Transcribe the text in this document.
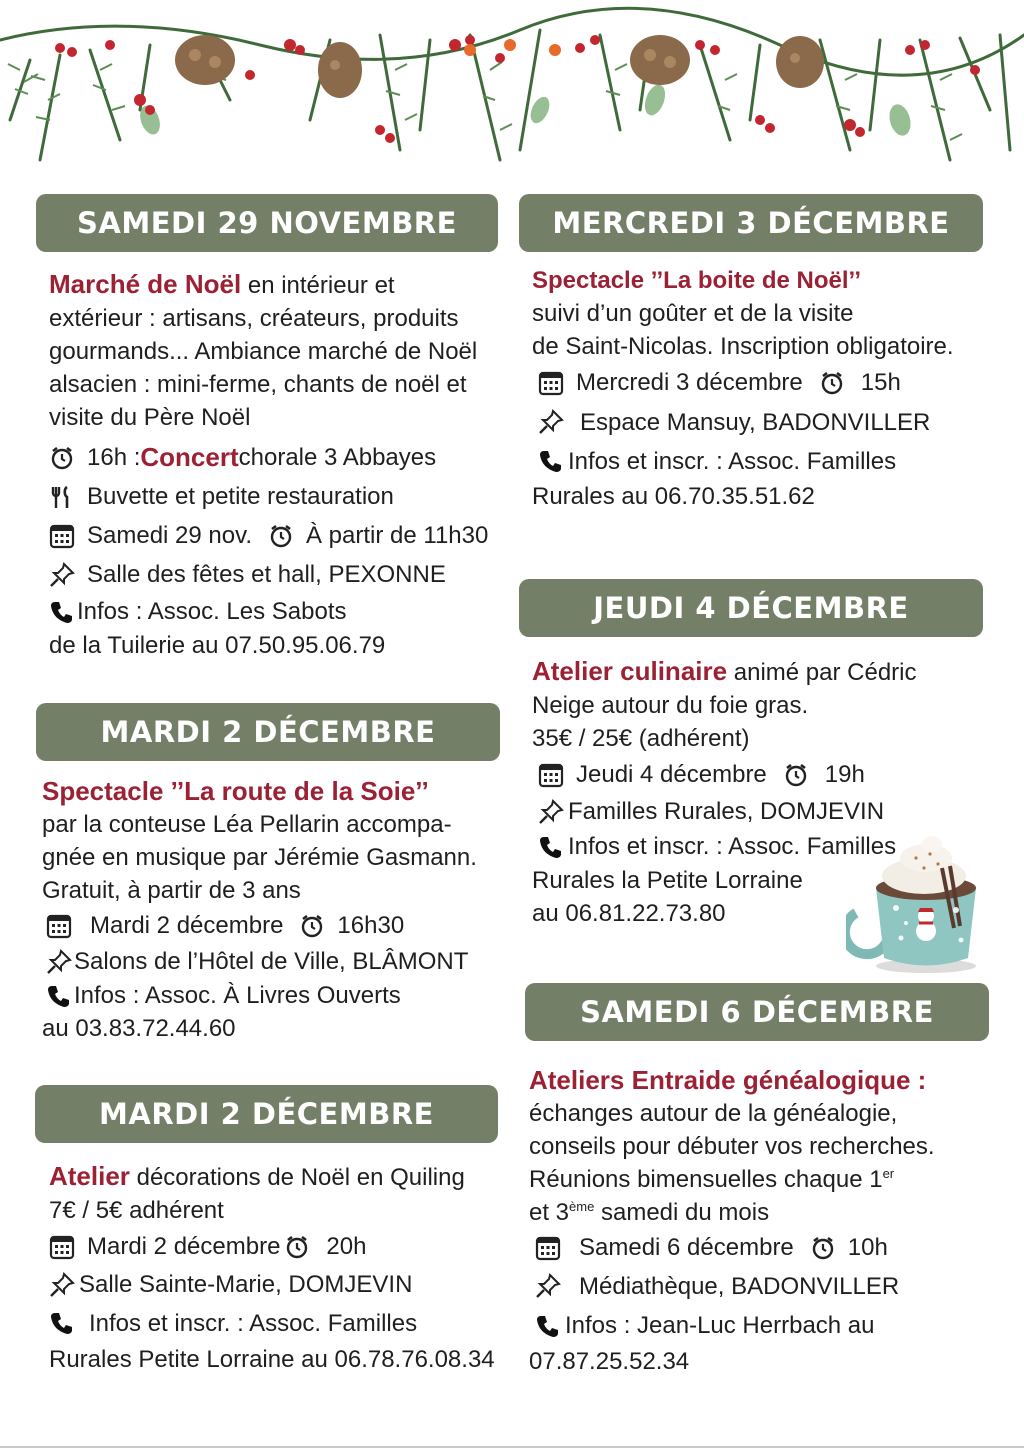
SAMEDI 29 NOVEMBRE
Marché de Noël en intérieur et
extérieur : artisans, créateurs, produits
gourmands... Ambiance marché de Noël
alsacien : mini-ferme, chants de noël et
visite du Père Noël
16h : Concert chorale 3 Abbayes
Buvette et petite restauration
Samedi 29 nov. À partir de 11h30
Salle des fêtes et hall, PEXONNE
Infos : Assoc. Les Sabots
de la Tuilerie au 07.50.95.06.79
MARDI 2 DÉCEMBRE
Spectacle ’’La route de la Soie’’
par la conteuse Léa Pellarin accompa-
gnée en musique par Jérémie Gasmann.
Gratuit, à partir de 3 ans
Mardi 2 décembre 16h30
Salons de l’Hôtel de Ville, BLÂMONT
Infos : Assoc. À Livres Ouverts
au 03.83.72.44.60
MARDI 2 DÉCEMBRE
Atelier décorations de Noël en Quiling
7€ / 5€ adhérent
Mardi 2 décembre 20h
Salle Sainte-Marie, DOMJEVIN
Infos et inscr. : Assoc. Familles
Rurales Petite Lorraine au 06.78.76.08.34
MERCREDI 3 DÉCEMBRE
Spectacle ’’La boite de Noël’’
suivi d’un goûter et de la visite
de Saint-Nicolas. Inscription obligatoire.
Mercredi 3 décembre 15h
Espace Mansuy, BADONVILLER
Infos et inscr. : Assoc. Familles
Rurales au 06.70.35.51.62
JEUDI 4 DÉCEMBRE
Atelier culinaire animé par Cédric
Neige autour du foie gras.
35€ / 25€ (adhérent)
Jeudi 4 décembre 19h
Familles Rurales, DOMJEVIN
Infos et inscr. : Assoc. Familles
Rurales la Petite Lorraine
au 06.81.22.73.80
SAMEDI 6 DÉCEMBRE
Ateliers Entraide généalogique :
échanges autour de la généalogie,
conseils pour débuter vos recherches.
Réunions bimensuelles chaque 1er
et 3ème samedi du mois
Samedi 6 décembre 10h
Médiathèque, BADONVILLER
Infos : Jean-Luc Herrbach au
07.87.25.52.34
